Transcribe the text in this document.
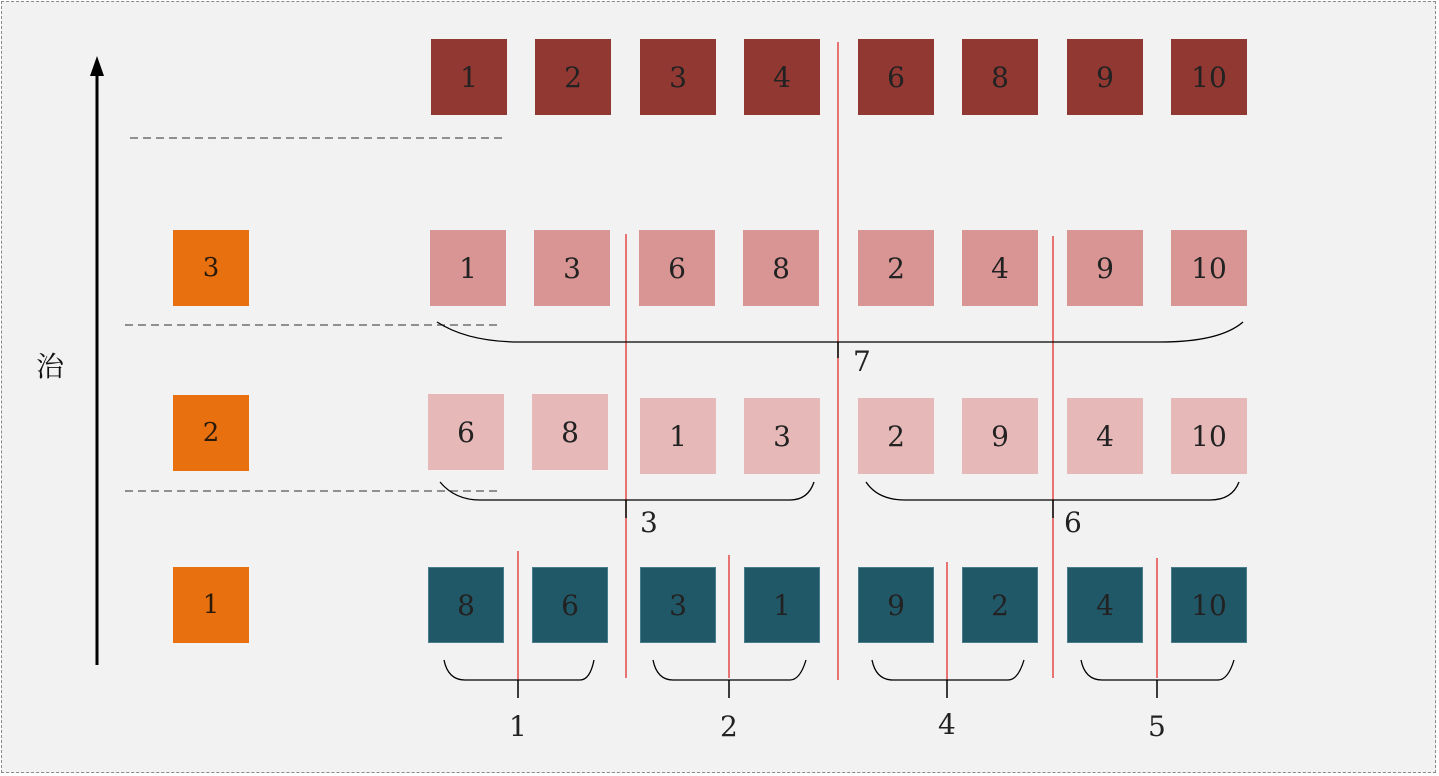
治
3
2
1
1	2	3	4	6	8	9	10
1	3	6	8	2	4	9	10
6	8	1	3	2	9	4	10
8	6	3	1	9	2	4	10
1	2	4	5
3	6
7
